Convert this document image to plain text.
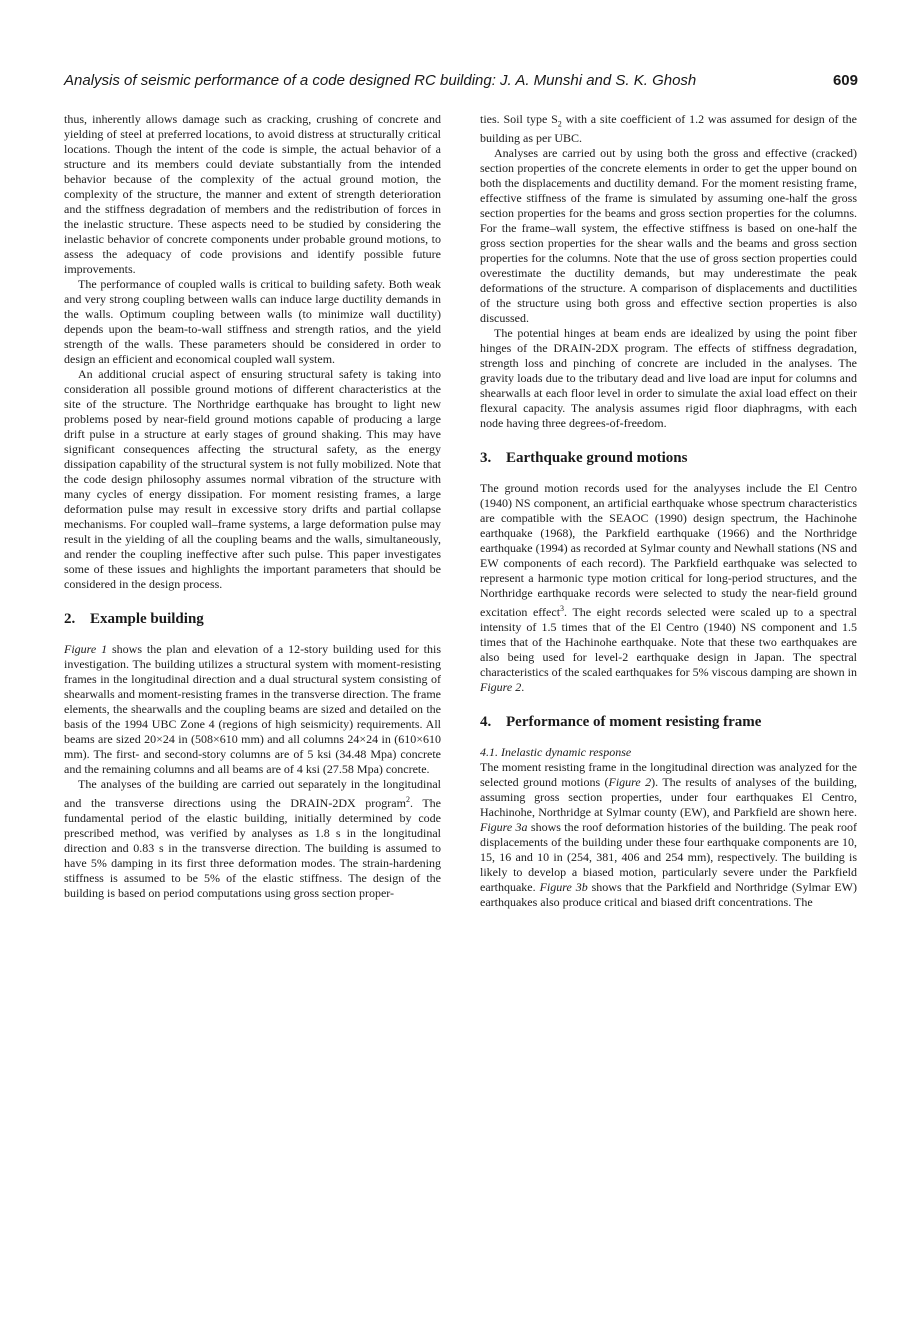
Analysis of seismic performance of a code designed RC building: J. A. Munshi and S. K. Ghosh	609

thus, inherently allows damage such as cracking, crushing of concrete and yielding of steel at preferred locations, to avoid distress at structurally critical locations. Though the intent of the code is simple, the actual behavior of a structure and its members could deviate substantially from the intended behavior because of the complexity of the actual ground motion, the complexity of the structure, the manner and extent of strength deterioration and the stiffness degradation of members and the redistribution of forces in the inelastic structure. These aspects need to be studied by considering the inelastic behavior of concrete components under probable ground motions, to assess the adequacy of code provisions and identify possible future improvements.

The performance of coupled walls is critical to building safety. Both weak and very strong coupling between walls can induce large ductility demands in the walls. Optimum coupling between walls (to minimize wall ductility) depends upon the beam-to-wall stiffness and strength ratios, and the yield strength of the walls. These parameters should be considered in order to design an efficient and economical coupled wall system.

An additional crucial aspect of ensuring structural safety is taking into consideration all possible ground motions of different characteristics at the site of the structure. The Northridge earthquake has brought to light new problems posed by near-field ground motions capable of producing a large drift pulse in a structure at early stages of ground shaking. This may have significant consequences affecting the structural safety, as the energy dissipation capability of the structural system is not fully mobilized. Note that the code design philosophy assumes normal vibration of the structure with many cycles of energy dissipation. For moment resisting frames, a large deformation pulse may result in excessive story drifts and partial collapse mechanisms. For coupled wall–frame systems, a large deformation pulse may result in the yielding of all the coupling beams and the walls, simultaneously, and render the coupling ineffective after such pulse. This paper investigates some of these issues and highlights the important parameters that should be considered in the design process.

2. Example building

Figure 1 shows the plan and elevation of a 12-story building used for this investigation. The building utilizes a structural system with moment-resisting frames in the longitudinal direction and a dual structural system consisting of shearwalls and moment-resisting frames in the transverse direction. The frame elements, the shearwalls and the coupling beams are sized and detailed on the basis of the 1994 UBC Zone 4 (regions of high seismicity) requirements. All beams are sized 20×24 in (508×610 mm) and all columns 24×24 in (610×610 mm). The first- and second-story columns are of 5 ksi (34.48 Mpa) concrete and the remaining columns and all beams are of 4 ksi (27.58 Mpa) concrete.

The analyses of the building are carried out separately in the longitudinal and the transverse directions using the DRAIN-2DX program$^2$. The fundamental period of the elastic building, initially determined by code prescribed method, was verified by analyses as 1.8 s in the longitudinal direction and 0.83 s in the transverse direction. The building is assumed to have 5% damping in its first three deformation modes. The strain-hardening stiffness is assumed to be 5% of the elastic stiffness. The design of the building is based on period computations using gross section proper-

ties. Soil type $S_2$ with a site coefficient of 1.2 was assumed for design of the building as per UBC.

Analyses are carried out by using both the gross and effective (cracked) section properties of the concrete elements in order to get the upper bound on both the displacements and ductility demand. For the moment resisting frame, effective stiffness of the frame is simulated by assuming one-half the gross section properties for the beams and gross section properties for the columns. For the frame–wall system, the effective stiffness is based on one-half the gross section properties for the shear walls and the beams and gross section properties for the columns. Note that the use of gross section properties could overestimate the ductility demands, but may underestimate the peak deformations of the structure. A comparison of displacements and ductilities of the structure using both gross and effective section properties is also discussed.

The potential hinges at beam ends are idealized by using the point fiber hinges of the DRAIN-2DX program. The effects of stiffness degradation, strength loss and pinching of concrete are included in the analyses. The gravity loads due to the tributary dead and live load are input for columns and shearwalls at each floor level in order to simulate the axial load effect on their flexural capacity. The analysis assumes rigid floor diaphragms, with each node having three degrees-of-freedom.

3. Earthquake ground motions

The ground motion records used for the analyyses include the El Centro (1940) NS component, an artificial earthquake whose spectrum characteristics are compatible with the SEAOC (1990) design spectrum, the Hachinohe earthquake (1968), the Parkfield earthquake (1966) and the Northridge earthquake (1994) as recorded at Sylmar county and Newhall stations (NS and EW components of each record). The Parkfield earthquake was selected to represent a harmonic type motion critical for long-period structures, and the Northridge earthquake records were selected to study the near-field ground excitation effect$^3$. The eight records selected were scaled up to a spectral intensity of 1.5 times that of the El Centro (1940) NS component and 1.5 times that of the Hachinohe earthquake. Note that these two earthquakes are also being used for level-2 earthquake design in Japan. The spectral characteristics of the scaled earthquakes for 5% viscous damping are shown in Figure 2.

4. Performance of moment resisting frame
4.1. Inelastic dynamic response

The moment resisting frame in the longitudinal direction was analyzed for the selected ground motions (Figure 2). The results of analyses of the building, assuming gross section properties, under four earthquakes El Centro, Hachinohe, Northridge at Sylmar county (EW), and Parkfield are shown here. Figure 3a shows the roof deformation histories of the building. The peak roof displacements of the building under these four earthquake components are 10, 15, 16 and 10 in (254, 381, 406 and 254 mm), respectively. The building is likely to develop a biased motion, particularly severe under the Parkfield earthquake. Figure 3b shows that the Parkfield and Northridge (Sylmar EW) earthquakes also produce critical and biased drift concentrations. The
